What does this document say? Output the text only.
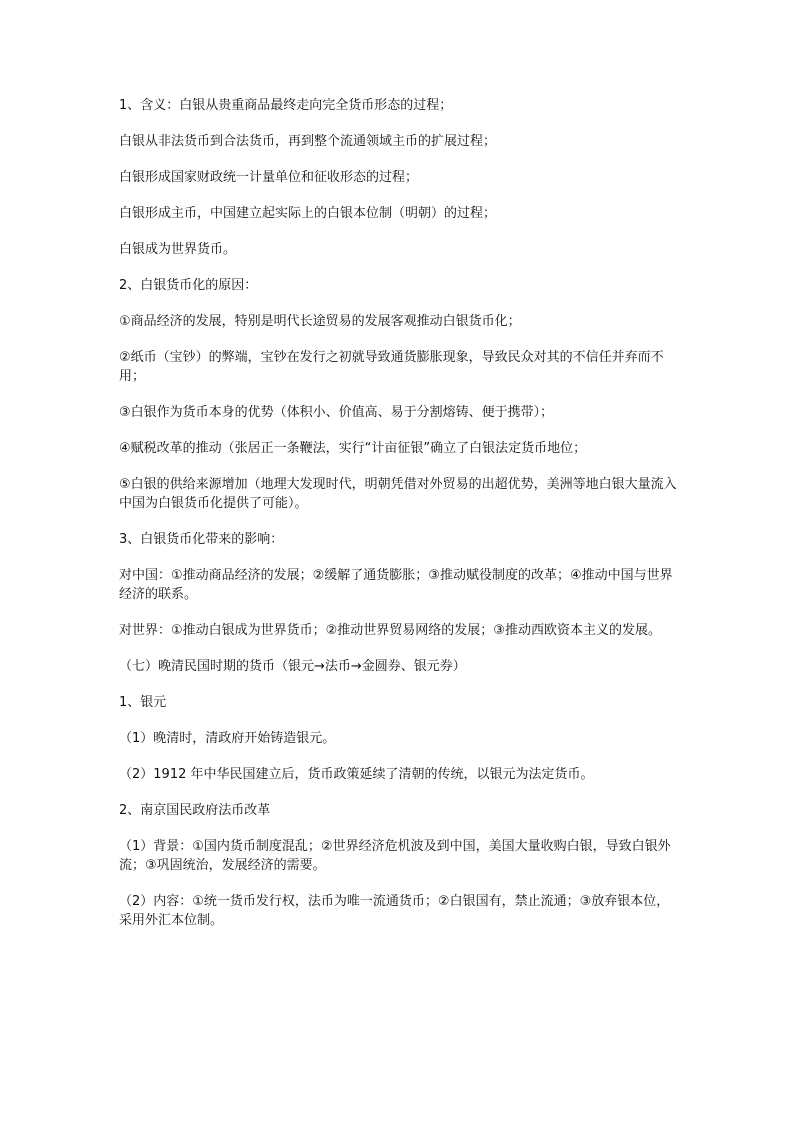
1、含义：白银从贵重商品最终走向完全货币形态的过程；

白银从非法货币到合法货币，再到整个流通领域主币的扩展过程；

白银形成国家财政统一计量单位和征收形态的过程；

白银形成主币，中国建立起实际上的白银本位制（明朝）的过程；

白银成为世界货币。

2、白银货币化的原因：

①商品经济的发展，特别是明代长途贸易的发展客观推动白银货币化；

②纸币（宝钞）的弊端，宝钞在发行之初就导致通货膨胀现象，导致民众对其的不信任并弃而不用；

③白银作为货币本身的优势（体积小、价值高、易于分割熔铸、便于携带）；

④赋税改革的推动（张居正一条鞭法，实行“计亩征银”确立了白银法定货币地位；

⑤白银的供给来源增加（地理大发现时代，明朝凭借对外贸易的出超优势，美洲等地白银大量流入中国为白银货币化提供了可能）。

3、白银货币化带来的影响：

对中国：①推动商品经济的发展；②缓解了通货膨胀；③推动赋役制度的改革；④推动中国与世界经济的联系。

对世界：①推动白银成为世界货币；②推动世界贸易网络的发展；③推动西欧资本主义的发展。

（七）晚清民国时期的货币（银元→法币→金圆券、银元券）

1、银元

（1）晚清时，清政府开始铸造银元。

（2）1912 年中华民国建立后，货币政策延续了清朝的传统，以银元为法定货币。

2、南京国民政府法币改革

（1）背景：①国内货币制度混乱；②世界经济危机波及到中国，美国大量收购白银，导致白银外流；③巩固统治，发展经济的需要。

（2）内容：①统一货币发行权，法币为唯一流通货币；②白银国有，禁止流通；③放弃银本位，采用外汇本位制。
